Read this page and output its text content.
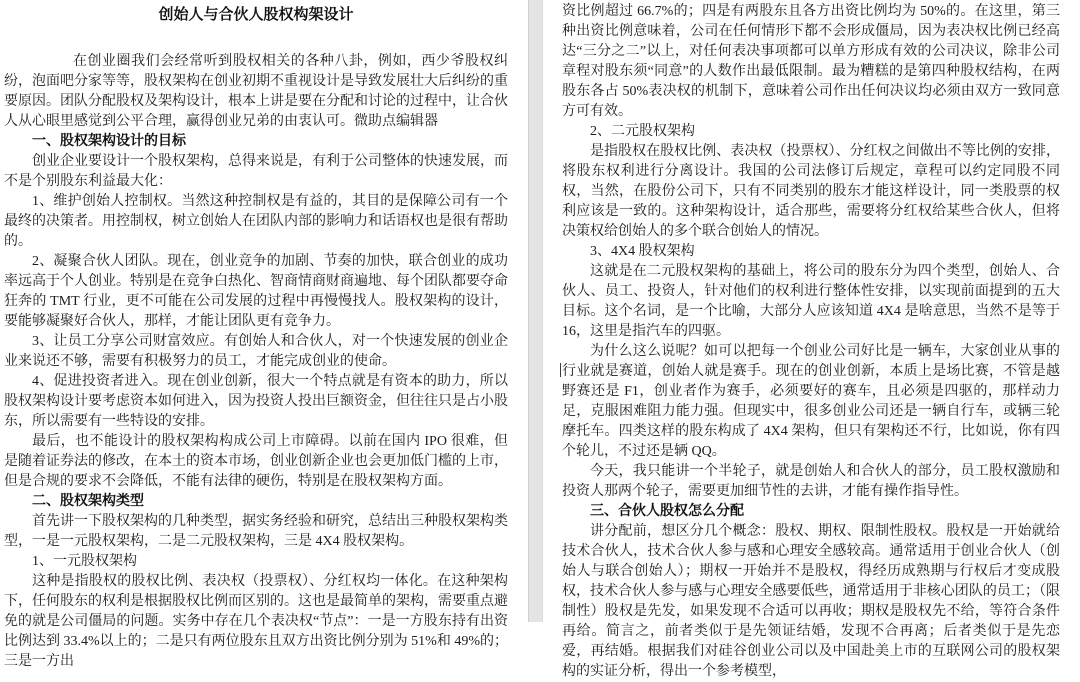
创始人与合伙人股权构架设计

在创业圈我们会经常听到股权相关的各种八卦，例如，西少爷股权纠纷，泡面吧分家等等，股权架构在创业初期不重视设计是导致发展壮大后纠纷的重要原因。团队分配股权及架构设计，根本上讲是要在分配和讨论的过程中，让合伙人从心眼里感觉到公平合理，赢得创业兄弟的由衷认可。微助点编辑器

一、股权架构设计的目标

创业企业要设计一个股权架构，总得来说是，有利于公司整体的快速发展，而不是个别股东利益最大化：

1、维护创始人控制权。当然这种控制权是有益的，其目的是保障公司有一个最终的决策者。用控制权，树立创始人在团队内部的影响力和话语权也是很有帮助的。

2、凝聚合伙人团队。现在，创业竞争的加剧、节奏的加快，联合创业的成功率远高于个人创业。特别是在竞争白热化、智商情商财商遍地、每个团队都要夺命狂奔的 TMT 行业，更不可能在公司发展的过程中再慢慢找人。股权架构的设计，要能够凝聚好合伙人，那样，才能让团队更有竞争力。

3、让员工分享公司财富效应。有创始人和合伙人，对一个快速发展的创业企业来说还不够，需要有积极努力的员工，才能完成创业的使命。

4、促进投资者进入。现在创业创新，很大一个特点就是有资本的助力，所以股权架构设计要考虑资本如何进入，因为投资人投出巨额资金，但往往只是占小股东，所以需要有一些特设的安排。

最后，也不能设计的股权架构构成公司上市障碍。以前在国内 IPO 很难，但是随着证券法的修改，在本土的资本市场，创业创新企业也会更加低门槛的上市，但是合规的要求不会降低，不能有法律的硬伤，特别是在股权架构方面。

二、股权架构类型

首先讲一下股权架构的几种类型，据实务经验和研究，总结出三种股权架构类型，一是一元股权架构，二是二元股权架构，三是 4X4 股权架构。

1、一元股权架构

这种是指股权的股权比例、表决权（投票权）、分红权均一体化。在这种架构下，任何股东的权利是根据股权比例而区别的。这也是最简单的架构，需要重点避免的就是公司僵局的问题。实务中存在几个表决权“节点”：一是一方股东持有出资比例达到 33.4%以上的；二是只有两位股东且双方出资比例分别为 51%和 49%的；三是一方出

资比例超过 66.7%的；四是有两股东且各方出资比例均为 50%的。在这里，第三种出资比例意味着，公司在任何情形下都不会形成僵局，因为表决权比例已经高达“三分之二”以上，对任何表决事项都可以单方形成有效的公司决议，除非公司章程对股东须“同意”的人数作出最低限制。最为糟糕的是第四种股权结构，在两股东各占 50%表决权的机制下，意味着公司作出任何决议均必须由双方一致同意方可有效。

2、二元股权架构

是指股权在股权比例、表决权（投票权）、分红权之间做出不等比例的安排，将股东权利进行分离设计。我国的公司法修订后规定，章程可以约定同股不同权，当然，在股份公司下，只有不同类别的股东才能这样设计，同一类股票的权利应该是一致的。这种架构设计，适合那些，需要将分红权给某些合伙人，但将决策权给创始人的多个联合创始人的情况。

3、4X4 股权架构

这就是在二元股权架构的基础上，将公司的股东分为四个类型，创始人、合伙人、员工、投资人，针对他们的权利进行整体性安排，以实现前面提到的五大目标。这个名词，是一个比喻，大部分人应该知道 4X4 是啥意思，当然不是等于 16，这里是指汽车的四驱。

为什么这么说呢？如可以把每一个创业公司好比是一辆车，大家创业从事的行业就是赛道，创始人就是赛手。现在的创业创新，本质上是场比赛，不管是越野赛还是 F1，创业者作为赛手，必须要好的赛车，且必须是四驱的，那样动力足，克服困难阻力能力强。但现实中，很多创业公司还是一辆自行车，或辆三轮摩托车。四类这样的股东构成了 4X4 架构，但只有架构还不行，比如说，你有四个轮儿，不过还是辆 QQ。

今天，我只能讲一个半轮子，就是创始人和合伙人的部分，员工股权激励和投资人那两个轮子，需要更加细节性的去讲，才能有操作指导性。

三、合伙人股权怎么分配

讲分配前，想区分几个概念：股权、期权、限制性股权。股权是一开始就给技术合伙人，技术合伙人参与感和心理安全感较高。通常适用于创业合伙人（创始人与联合创始人）；期权一开始并不是股权，得经历成熟期与行权后才变成股权，技术合伙人参与感与心理安全感要低些，通常适用于非核心团队的员工；（限制性）股权是先发，如果发现不合适可以再收；期权是股权先不给，等符合条件再给。简言之，前者类似于是先领证结婚，发现不合再离；后者类似于是先恋爱，再结婚。根据我们对硅谷创业公司以及中国赴美上市的互联网公司的股权架构的实证分析，得出一个参考模型，
